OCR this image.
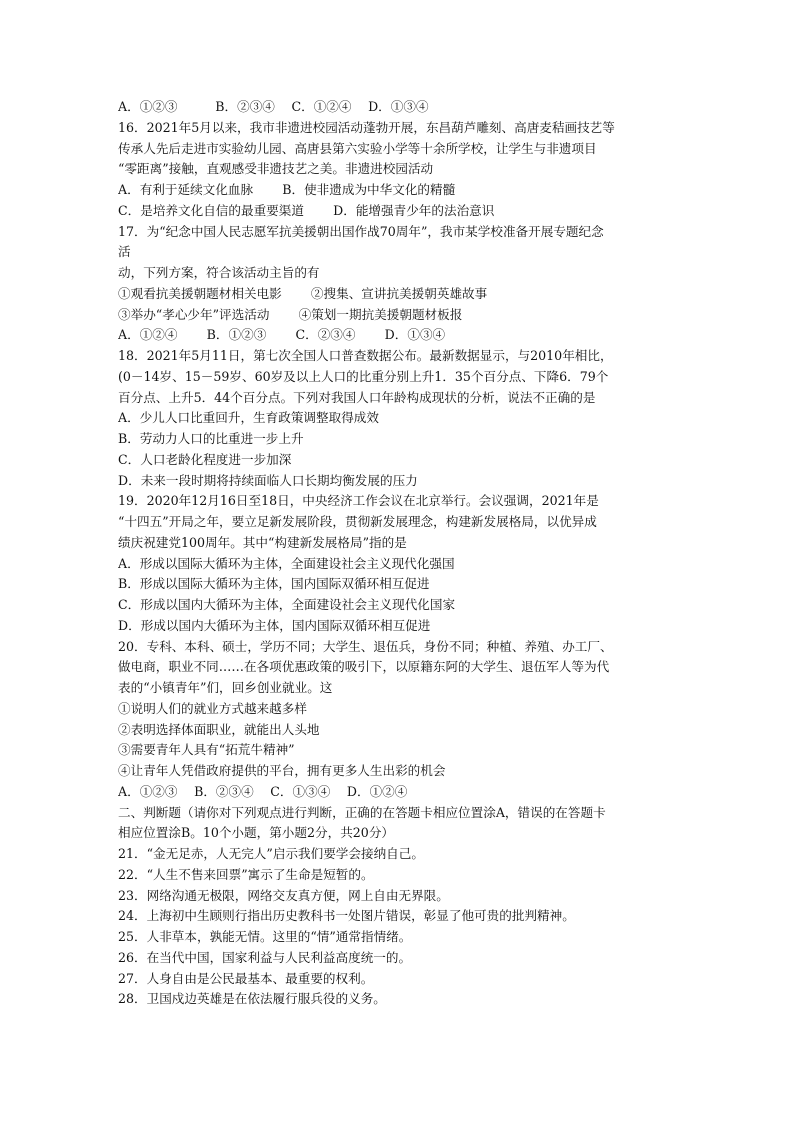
A．①②③　　　B．②③④　 C．①②④　 D．①③④
16．2021年5月以来，我市非遗进校园活动蓬勃开展，东昌葫芦雕刻、高唐麦秸画技艺等
传承人先后走进市实验幼儿园、高唐县第六实验小学等十余所学校，让学生与非遗项目
“零距离”接触，直观感受非遗技艺之美。非遗进校园活动
A．有利于延续文化血脉　　 B．使非遗成为中华文化的精髓
C．是培养文化自信的最重要渠道　　 D．能增强青少年的法治意识
17．为“纪念中国人民志愿军抗美援朝出国作战70周年”，我市某学校准备开展专题纪念
活
动，下列方案，符合该活动主旨的有
①观看抗美援朝题材相关电影　　 ②搜集、宣讲抗美援朝英雄故事
③举办“孝心少年”评选活动　　 ④策划一期抗美援朝题材板报
A．①②④　　 B．①②③　　 C．②③④　　 D．①③④
18．2021年5月11日，第七次全国人口普查数据公布。最新数据显示，与2010年相比，
(0－14岁、15－59岁、60岁及以上人口的比重分别上升1．35个百分点、下降6．79个
百分点、上升5．44个百分点。下列对我国人口年龄构成现状的分析，说法不正确的是
A．少儿人口比重回升，生育政策调整取得成效
B．劳动力人口的比重进一步上升
C．人口老龄化程度进一步加深
D．未来一段时期将持续面临人口长期均衡发展的压力
19．2020年12月16日至18日，中央经济工作会议在北京举行。会议强调，2021年是
“十四五”开局之年，要立足新发展阶段，贯彻新发展理念，构建新发展格局，以优异成
绩庆祝建党100周年。其中“构建新发展格局”指的是
A．形成以国际大循环为主体，全面建设社会主义现代化强国
B．形成以国际大循环为主体，国内国际双循环相互促进
C．形成以国内大循环为主体，全面建设社会主义现代化国家
D．形成以国内大循环为主体，国内国际双循环相互促进
20．专科、本科、硕士，学历不同；大学生、退伍兵，身份不同；种植、养殖、办工厂、
做电商，职业不同……在各项优惠政策的吸引下，以原籍东阿的大学生、退伍军人等为代
表的“小镇青年”们，回乡创业就业。这
①说明人们的就业方式越来越多样
②表明选择体面职业，就能出人头地
③需要青年人具有“拓荒牛精神”
④让青年人凭借政府提供的平台，拥有更多人生出彩的机会
A．①②③　 B．②③④　 C．①③④　 D．①②④
二、判断题（请你对下列观点进行判断，正确的在答题卡相应位置涂A，错误的在答题卡
相应位置涂B。10个小题，第小题2分，共20分）
21．“金无足赤，人无完人”启示我们要学会接纳自己。
22．“人生不售来回票”寓示了生命是短暂的。
23．网络沟通无极限，网络交友真方便，网上自由无界限。
24．上海初中生顾则行指出历史教科书一处图片错误，彰显了他可贵的批判精神。
25．人非草本，孰能无情。这里的“情”通常指情绪。
26．在当代中国，国家利益与人民利益高度统一的。
27．人身自由是公民最基本、最重要的权利。
28．卫国戍边英雄是在依法履行服兵役的义务。
